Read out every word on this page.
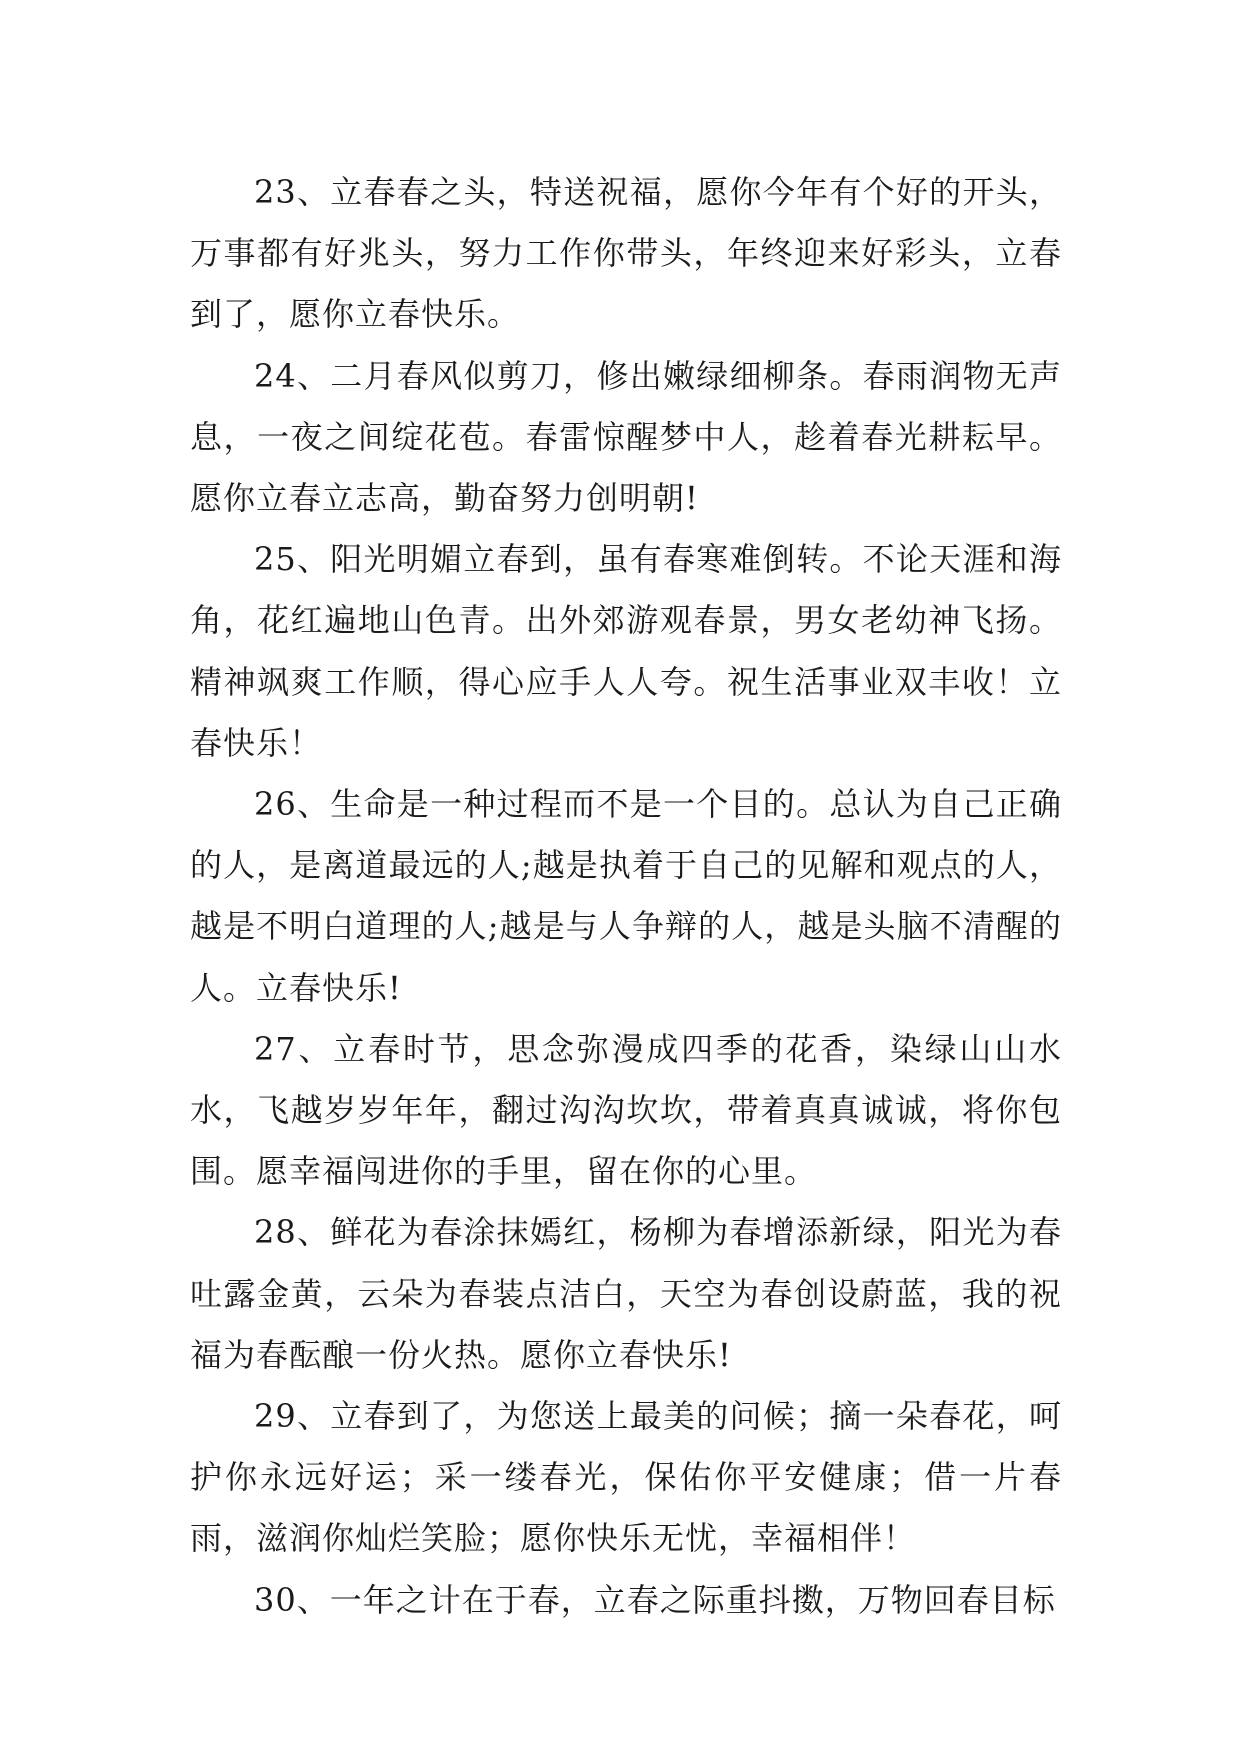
23、立春春之头，特送祝福，愿你今年有个好的开头，万事都有好兆头，努力工作你带头，年终迎来好彩头，立春到了，愿你立春快乐。

24、二月春风似剪刀，修出嫩绿细柳条。春雨润物无声息，一夜之间绽花苞。春雷惊醒梦中人，趁着春光耕耘早。愿你立春立志高，勤奋努力创明朝!

25、阳光明媚立春到，虽有春寒难倒转。不论天涯和海角，花红遍地山色青。出外郊游观春景，男女老幼神飞扬。精神飒爽工作顺，得心应手人人夸。祝生活事业双丰收！立春快乐！

26、生命是一种过程而不是一个目的。总认为自己正确的人，是离道最远的人;越是执着于自己的见解和观点的人，越是不明白道理的人;越是与人争辩的人，越是头脑不清醒的人。立春快乐!

27、立春时节，思念弥漫成四季的花香，染绿山山水水，飞越岁岁年年，翻过沟沟坎坎，带着真真诚诚，将你包围。愿幸福闯进你的手里，留在你的心里。

28、鲜花为春涂抹嫣红，杨柳为春增添新绿，阳光为春吐露金黄，云朵为春装点洁白，天空为春创设蔚蓝，我的祝福为春酝酿一份火热。愿你立春快乐!

29、立春到了，为您送上最美的问候；摘一朵春花，呵护你永远好运；采一缕春光，保佑你平安健康；借一片春雨，滋润你灿烂笑脸；愿你快乐无忧，幸福相伴！

30、一年之计在于春，立春之际重抖擞，万物回春目标
